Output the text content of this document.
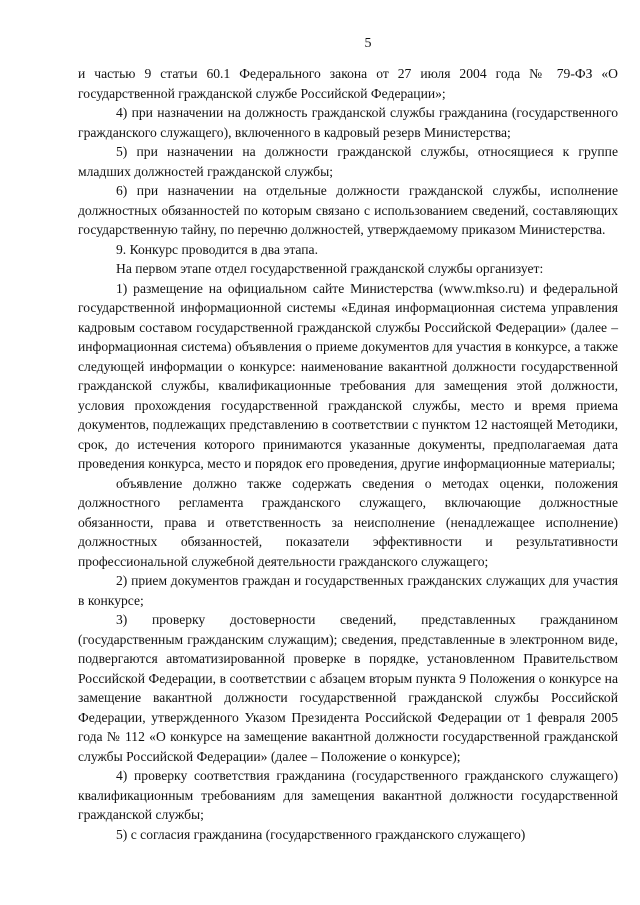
5

и частью 9 статьи 60.1 Федерального закона от 27 июля 2004 года № 79-ФЗ «О государственной гражданской службе Российской Федерации»;

4) при назначении на должность гражданской службы гражданина (государственного гражданского служащего), включенного в кадровый резерв Министерства;

5) при назначении на должности гражданской службы, относящиеся к группе младших должностей гражданской службы;

6) при назначении на отдельные должности гражданской службы, исполнение должностных обязанностей по которым связано с использованием сведений, составляющих государственную тайну, по перечню должностей, утверждаемому приказом Министерства.

9. Конкурс проводится в два этапа.

На первом этапе отдел государственной гражданской службы организует:

1) размещение на официальном сайте Министерства (www.mkso.ru) и федеральной государственной информационной системы «Единая информационная система управления кадровым составом государственной гражданской службы Российской Федерации» (далее – информационная система) объявления о приеме документов для участия в конкурсе, а также следующей информации о конкурсе: наименование вакантной должности государственной гражданской службы, квалификационные требования для замещения этой должности, условия прохождения государственной гражданской службы, место и время приема документов, подлежащих представлению в соответствии с пунктом 12 настоящей Методики, срок, до истечения которого принимаются указанные документы, предполагаемая дата проведения конкурса, место и порядок его проведения, другие информационные материалы;

объявление должно также содержать сведения о методах оценки, положения должностного регламента гражданского служащего, включающие должностные обязанности, права и ответственность за неисполнение (ненадлежащее исполнение) должностных обязанностей, показатели эффективности и результативности профессиональной служебной деятельности гражданского служащего;

2) прием документов граждан и государственных гражданских служащих для участия в конкурсе;

3) проверку достоверности сведений, представленных гражданином (государственным гражданским служащим); сведения, представленные в электронном виде, подвергаются автоматизированной проверке в порядке, установленном Правительством Российской Федерации, в соответствии с абзацем вторым пункта 9 Положения о конкурсе на замещение вакантной должности государственной гражданской службы Российской Федерации, утвержденного Указом Президента Российской Федерации от 1 февраля 2005 года № 112 «О конкурсе на замещение вакантной должности государственной гражданской службы Российской Федерации» (далее – Положение о конкурсе);

4) проверку соответствия гражданина (государственного гражданского служащего) квалификационным требованиям для замещения вакантной должности государственной гражданской службы;

5) с согласия гражданина (государственного гражданского служащего)
